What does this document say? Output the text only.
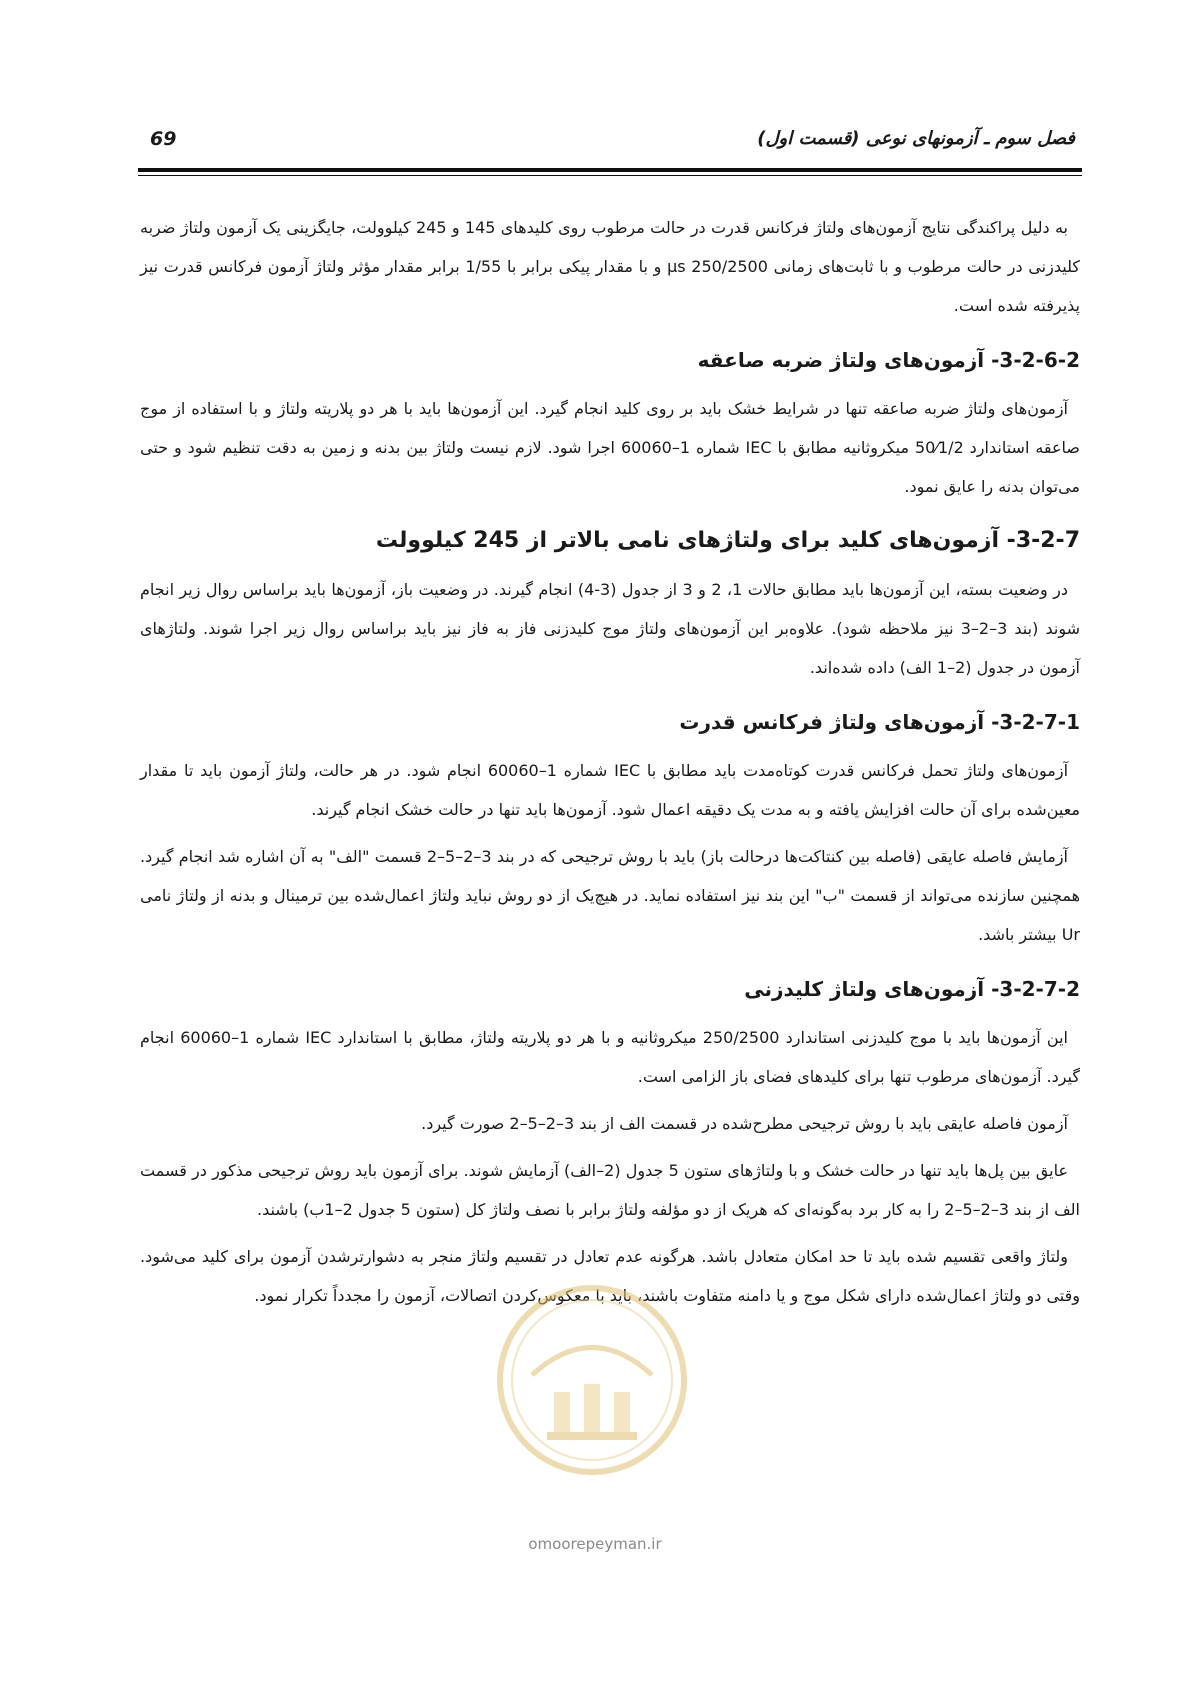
69	فصل سوم ـ آزمونهای نوعی (قسمت اول)

به دلیل پراکندگی نتایج آزمون‌های ولتاژ فرکانس قدرت در حالت مرطوب روی کلیدهای 145 و 245 کیلوولت، جایگزینی یک آزمون ولتاژ ضربه کلیدزنی در حالت مرطوب و با ثابت‌های زمانی µs 250/2500 و با مقدار پیکی برابر با 1/55 برابر مقدار مؤثر ولتاژ آزمون فرکانس قدرت نیز پذیرفته شده است.

3-2-6-2- آزمون‌های ولتاژ ضربه صاعقه

آزمون‌های ولتاژ ضربه صاعقه تنها در شرایط خشک باید بر روی کلید انجام گیرد. این آزمون‌ها باید با هر دو پلاریته ولتاژ و با استفاده از موج صاعقه استاندارد 50⁄1/2 میکروثانیه مطابق با IEC شماره 1–60060 اجرا شود. لازم نیست ولتاژ بین بدنه و زمین به دقت تنظیم شود و حتی می‌توان بدنه را عایق نمود.

3-2-7- آزمون‌های کلید برای ولتاژهای نامی بالاتر از 245 کیلوولت

در وضعیت بسته، این آزمون‌ها باید مطابق حالات 1، 2 و 3 از جدول (3-4) انجام گیرند. در وضعیت باز، آزمون‌ها باید براساس روال زیر انجام شوند (بند 3–2–3 نیز ملاحظه شود). علاوه‌بر این آزمون‌های ولتاژ موج کلیدزنی فاز به فاز نیز باید براساس روال زیر اجرا شوند. ولتاژهای آزمون در جدول (2–1 الف) داده شده‌اند.

3-2-7-1- آزمون‌های ولتاژ فرکانس قدرت

آزمون‌های ولتاژ تحمل فرکانس قدرت کوتاه‌مدت باید مطابق با IEC شماره 1–60060 انجام شود. در هر حالت، ولتاژ آزمون باید تا مقدار معین‌شده برای آن حالت افزایش یافته و به مدت یک دقیقه اعمال شود. آزمون‌ها باید تنها در حالت خشک انجام گیرند.

آزمایش فاصله عایقی (فاصله بین کنتاکت‌ها درحالت باز) باید با روش ترجیحی که در بند 3–2–5–2 قسمت "الف" به آن اشاره شد انجام گیرد. همچنین سازنده می‌تواند از قسمت "ب" این بند نیز استفاده نماید. در هیچ‌یک از دو روش نباید ولتاژ اعمال‌شده بین ترمینال و بدنه از ولتاژ نامی Ur بیشتر باشد.

3-2-7-2- آزمون‌های ولتاژ کلیدزنی

این آزمون‌ها باید با موج کلیدزنی استاندارد 250/2500 میکروثانیه و با هر دو پلاریته ولتاژ، مطابق با استاندارد IEC شماره 1–60060 انجام گیرد. آزمون‌های مرطوب تنها برای کلیدهای فضای باز الزامی است.

آزمون فاصله عایقی باید با روش ترجیحی مطرح‌شده در قسمت الف از بند 3–2–5–2 صورت گیرد.

عایق بین پل‌ها باید تنها در حالت خشک و با ولتاژهای ستون 5 جدول (2–الف) آزمایش شوند. برای آزمون باید روش ترجیحی مذکور در قسمت الف از بند 3–2–5–2 را به کار برد به‌گونه‌ای که هریک از دو مؤلفه ولتاژ برابر با نصف ولتاژ کل (ستون 5 جدول 2–1ب) باشند.

ولتاژ واقعی تقسیم شده باید تا حد امکان متعادل باشد. هرگونه عدم تعادل در تقسیم ولتاژ منجر به دشوارترشدن آزمون برای کلید می‌شود. وقتی دو ولتاژ اعمال‌شده دارای شکل موج و یا دامنه متفاوت باشند، باید با معکوس‌کردن اتصالات، آزمون را مجدداً تکرار نمود.

omoorepeyman.ir
